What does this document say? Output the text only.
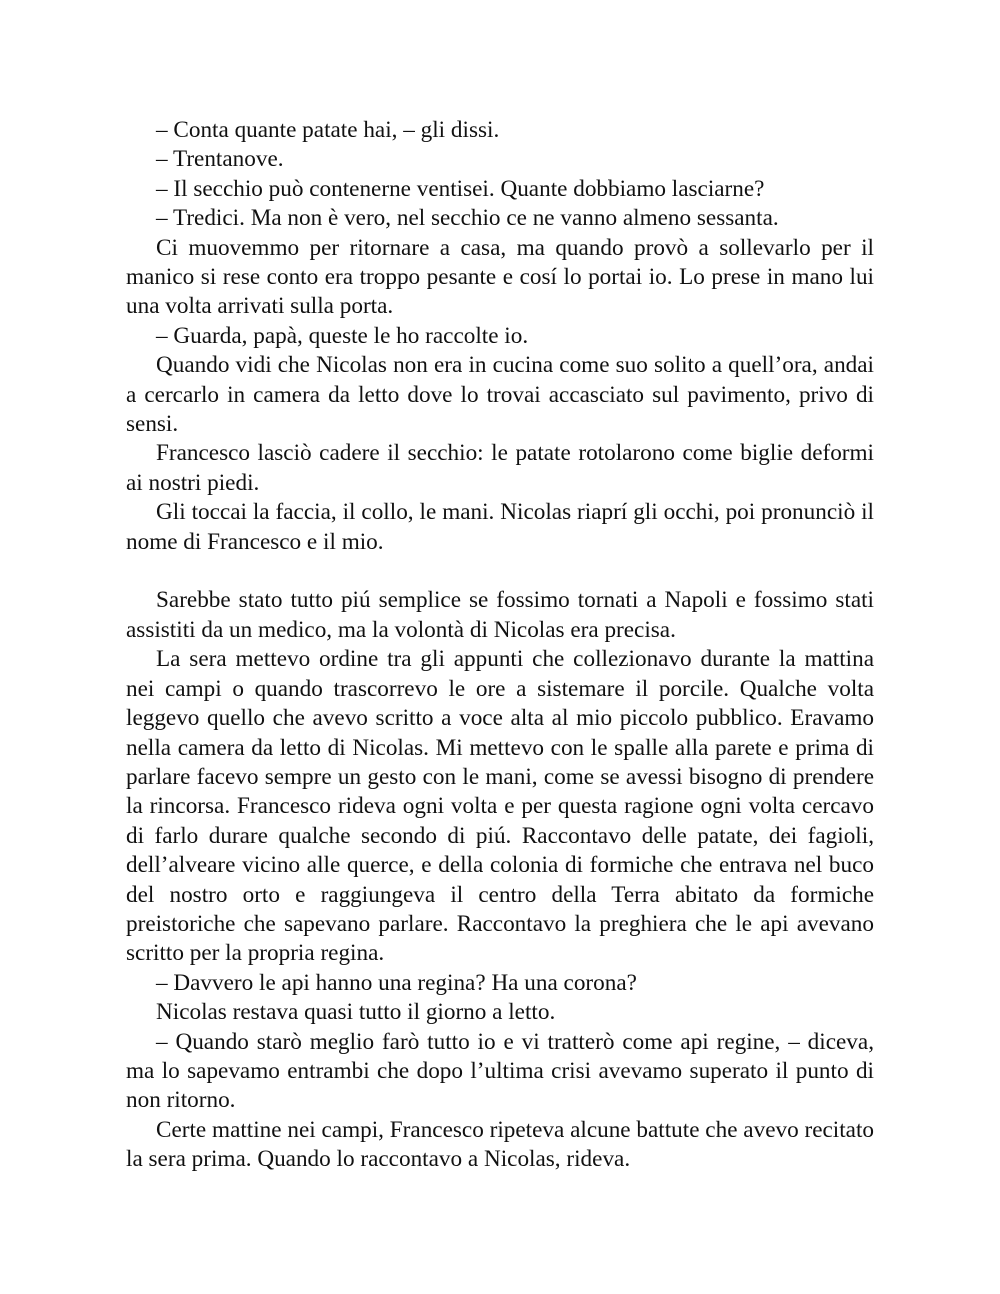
– Conta quante patate hai, – gli dissi.

– Trentanove.

– Il secchio può contenerne ventisei. Quante dobbiamo lasciarne?

– Tredici. Ma non è vero, nel secchio ce ne vanno almeno sessanta.

Ci muovemmo per ritornare a casa, ma quando provò a sollevarlo per il manico si rese conto era troppo pesante e cosí lo portai io. Lo prese in mano lui una volta arrivati sulla porta.

– Guarda, papà, queste le ho raccolte io.

Quando vidi che Nicolas non era in cucina come suo solito a quell’ora, andai a cercarlo in camera da letto dove lo trovai accasciato sul pavimento, privo di sensi.

Francesco lasciò cadere il secchio: le patate rotolarono come biglie deformi ai nostri piedi.

Gli toccai la faccia, il collo, le mani. Nicolas riaprí gli occhi, poi pronunciò il nome di Francesco e il mio.

Sarebbe stato tutto piú semplice se fossimo tornati a Napoli e fossimo stati assistiti da un medico, ma la volontà di Nicolas era precisa.

La sera mettevo ordine tra gli appunti che collezionavo durante la mattina nei campi o quando trascorrevo le ore a sistemare il porcile. Qualche volta leggevo quello che avevo scritto a voce alta al mio piccolo pubblico. Eravamo nella camera da letto di Nicolas. Mi mettevo con le spalle alla parete e prima di parlare facevo sempre un gesto con le mani, come se avessi bisogno di prendere la rincorsa. Francesco rideva ogni volta e per questa ragione ogni volta cercavo di farlo durare qualche secondo di piú. Raccontavo delle patate, dei fagioli, dell’alveare vicino alle querce, e della colonia di formiche che entrava nel buco del nostro orto e raggiungeva il centro della Terra abitato da formiche preistoriche che sapevano parlare. Raccontavo la preghiera che le api avevano scritto per la propria regina.

– Davvero le api hanno una regina? Ha una corona?

Nicolas restava quasi tutto il giorno a letto.

– Quando starò meglio farò tutto io e vi tratterò come api regine, – diceva, ma lo sapevamo entrambi che dopo l’ultima crisi avevamo superato il punto di non ritorno.

Certe mattine nei campi, Francesco ripeteva alcune battute che avevo recitato la sera prima. Quando lo raccontavo a Nicolas, rideva.
